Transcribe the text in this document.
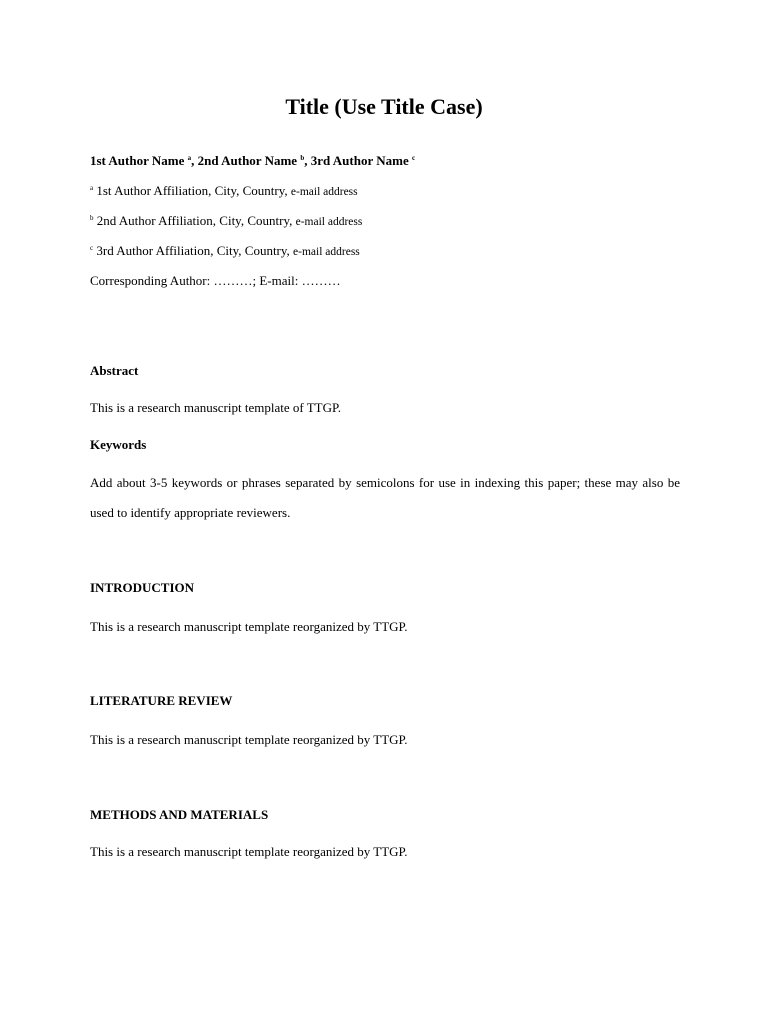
Title (Use Title Case)
1st Author Name $^a$, 2nd Author Name $^b$, 3rd Author Name $^c$
$^a$ 1st Author Affiliation, City, Country, e-mail address
$^b$ 2nd Author Affiliation, City, Country, e-mail address
$^c$ 3rd Author Affiliation, City, Country, e-mail address
Corresponding Author: ………; E-mail: ………
Abstract
This is a research manuscript template of TTGP.
Keywords
Add about 3-5 keywords or phrases separated by semicolons for use in indexing this paper; these may also be used to identify appropriate reviewers.
INTRODUCTION
This is a research manuscript template reorganized by TTGP.
LITERATURE REVIEW
This is a research manuscript template reorganized by TTGP.
METHODS AND MATERIALS
This is a research manuscript template reorganized by TTGP.
